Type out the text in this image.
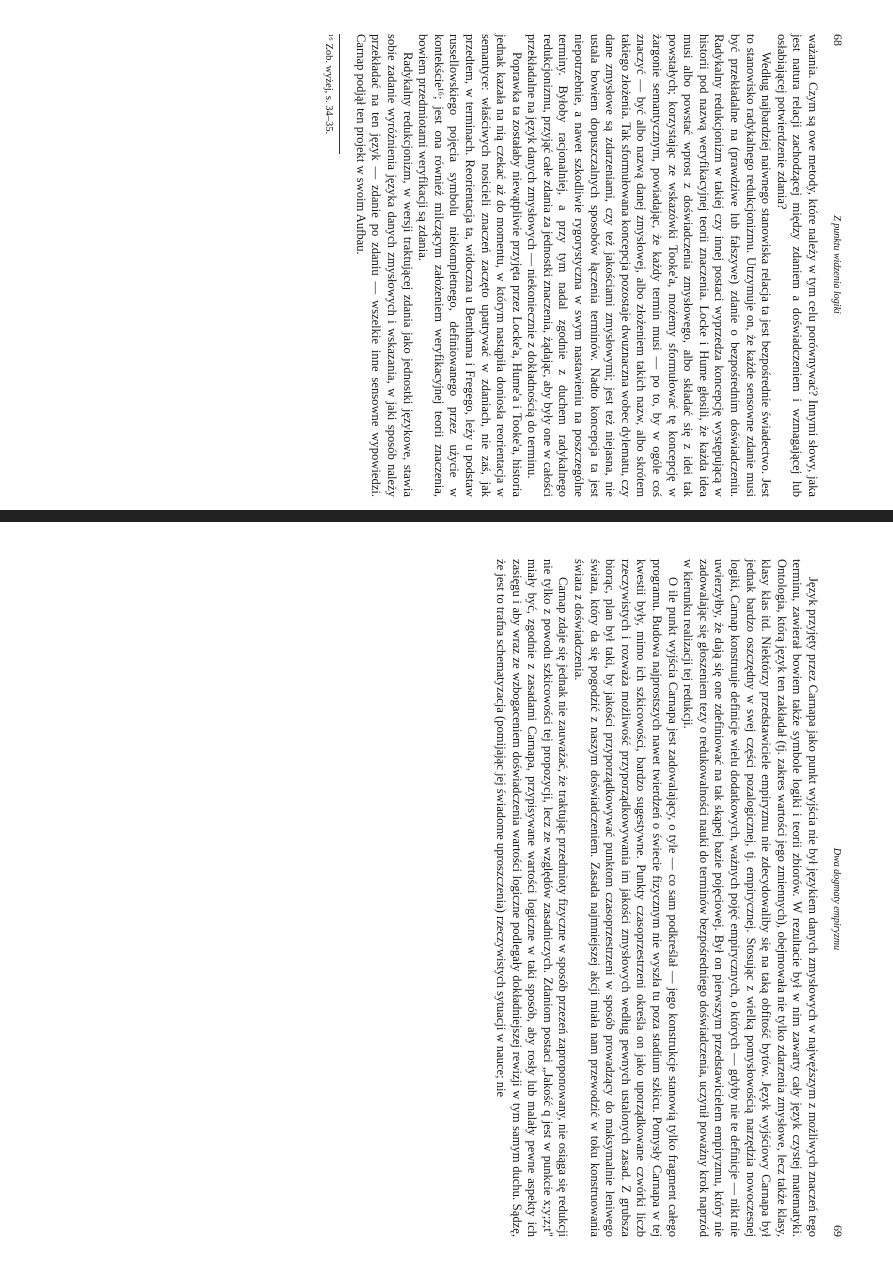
68
Z punktu widzenia logiki

ważania. Czym są owe metody, które należy w tym celu porównywać? Innymi słowy, jaka jest natura relacji zachodzącej między zdaniem a doświadczeniem i wzmagającej lub osłabiającej potwierdzenie zdania?

Według najbardziej naiwnego stanowiska relacja ta jest bezpośrednie świadectwo. Jest to stanowisko radykalnego redukcjonizmu. Utrzymuje on, że każde sensowne zdanie musi być przekładalne na (prawdziwe lub fałszywe) zdanie o bezpośrednim doświadczeniu. Radykalny redukcjonizm w takiej czy innej postaci wyprzedza koncepcję występującą w historii pod nazwą weryfikacyjnej teorii znaczenia. Locke i Hume głosili, że każda idea musi albo powstać wprost z doświadczenia zmysłowego, albo składać się z idei tak powstałych; korzystając ze wskazówki Tooke'a, możemy sformułować tę koncepcję w żargonie semantycznym, powiadając, że każdy termin musi — po to, by w ogóle coś znaczyć — być albo nazwą danej zmysłowej, albo złożeniem takich nazw, albo skrótem takiego złożenia. Tak sformułowana koncepcja pozostaje dwuznaczna wobec dylematu, czy dane zmysłowe są zdarzeniami, czy też jakościami zmysłowymi; jest też niejasna, nie ustala bowiem dopuszczalnych sposobów łączenia terminów. Nadto koncepcja ta jest niepotrzebnie, a nawet szkodliwie rygorystyczna w swym nastawieniu na poszczególne terminy. Byłoby racjonalniej, a przy tym nadal zgodnie z duchem radykalnego redukcjonizmu, przyjąć całe zdania za jednostki znaczenia, żądając, aby były one w całości przekładalne na język danych zmysłowych — niekoniecznie z dokładnością do terminu.

Poprawka ta zostałaby niewątpliwie przyjęta przez Locke'a, Hume'a i Tooke'a, historia jednak kazała na nią czekać aż do momentu, w którym nastąpiła doniosła reorientacja w semantyce: właściwych nosicieli znaczeń zaczęto upatrywać w zdaniach, nie zaś, jak przedtem, w terminach. Reorientacja ta, widoczna u Benthama i Fregego, leży u podstaw russellowskiego pojęcia symbolu niekompletnego, definiowanego przez użycie w kontekście¹⁶; jest ona również milczącym założeniem weryfikacyjnej teorii znaczenia, bowiem przedmiotami weryfikacji są zdania.

Radykalny redukcjonizm, w wersji traktującej zdania jako jednostki językowe, stawia sobie zadanie wyróżnienia języka danych zmysłowych i wskazania, w jaki sposób należy przekładać na ten język — zdanie po zdaniu — wszelkie inne sensowne wypowiedzi. Carnap podjął ten projekt w swoim Aufbau.

¹⁶ Zob. wyżej, s. 34–35.

Dwa dogmaty empiryzmu
69

Język przyjęty przez Carnapa jako punkt wyjścia nie był językiem danych zmysłowych w najwęższym z możliwych znaczeń tego terminu, zawierał bowiem także symbole logiki i teorii zbiorów. W rezultacie był w nim zawarty cały język czystej matematyki. Ontologia, którą język ten zakładał (tj. zakres wartości jego zmiennych), obejmowała nie tylko zdarzenia zmysłowe, lecz także klasy, klasy klas itd. Niektórzy przedstawiciele empiryzmu nie zdecydowaliby się na taką obfitość bytów. Język wyjściowy Carnapa był jednak bardzo oszczędny w swej części pozalogicznej, tj. empirycznej. Stosując z wielką pomysłowością narzędzia nowoczesnej logiki, Carnap konstruuje definicje wielu dodatkowych, ważnych pojęć empirycznych, o których — gdyby nie te definicje — nikt nie uwierzyłby, że dają się one zdefiniować na tak skąpej bazie pojęciowej. Był on pierwszym przedstawicielem empiryzmu, który nie zadowalając się głoszeniem tezy o redukowalności nauki do terminów bezpośredniego doświadczenia, uczynił poważny krok naprzód w kierunku realizacji tej redukcji.

O ile punkt wyjścia Carnapa jest zadowalający, o tyle — co sam podkreślał — jego konstrukcje stanowią tylko fragment całego programu. Budowa najprostszych nawet twierdzeń o świecie fizycznym nie wyszła tu poza stadium szkicu. Pomysły Carnapa w tej kwestii były, mimo ich szkicowości, bardzo sugestywne. Punkty czasoprzestrzeni określa on jako uporządkowane czwórki liczb rzeczywistych i rozważa możliwość przyporządkowywania im jakości zmysłowych według pewnych ustalonych zasad. Z grubsza biorąc, plan był taki, by jakości przyporządkowywać punktom czasoprzestrzeni w sposób prowadzący do maksymalnie leniwego świata, który da się pogodzić z naszym doświadczeniem. Zasada najmniejszej akcji miała nam przewodzić w toku konstruowania świata z doświadczenia.

Carnap zdaje się jednak nie zauważać, że traktując przedmioty fizyczne w sposób przezeń zaproponowany, nie osiąga się redukcji nie tylko z powodu szkicowości tej propozycji, lecz ze względów zasadniczych. Zdaniom postaci „Jakość q jest w punkcie x;y;z;t" miały być, zgodnie z zasadami Carnapa, przypisywane wartości logiczne w taki sposób, aby rosły lub malały pewne aspekty ich zasięgu i aby wraz ze wzbogaceniem doświadczenia wartości logiczne podlegały dokładniejszej rewizji w tym samym duchu. Sądzę, że jest to trafna schematyzacja (pomijając jej świadome uproszczenia) rzeczywistych sytuacji w nauce; nie
